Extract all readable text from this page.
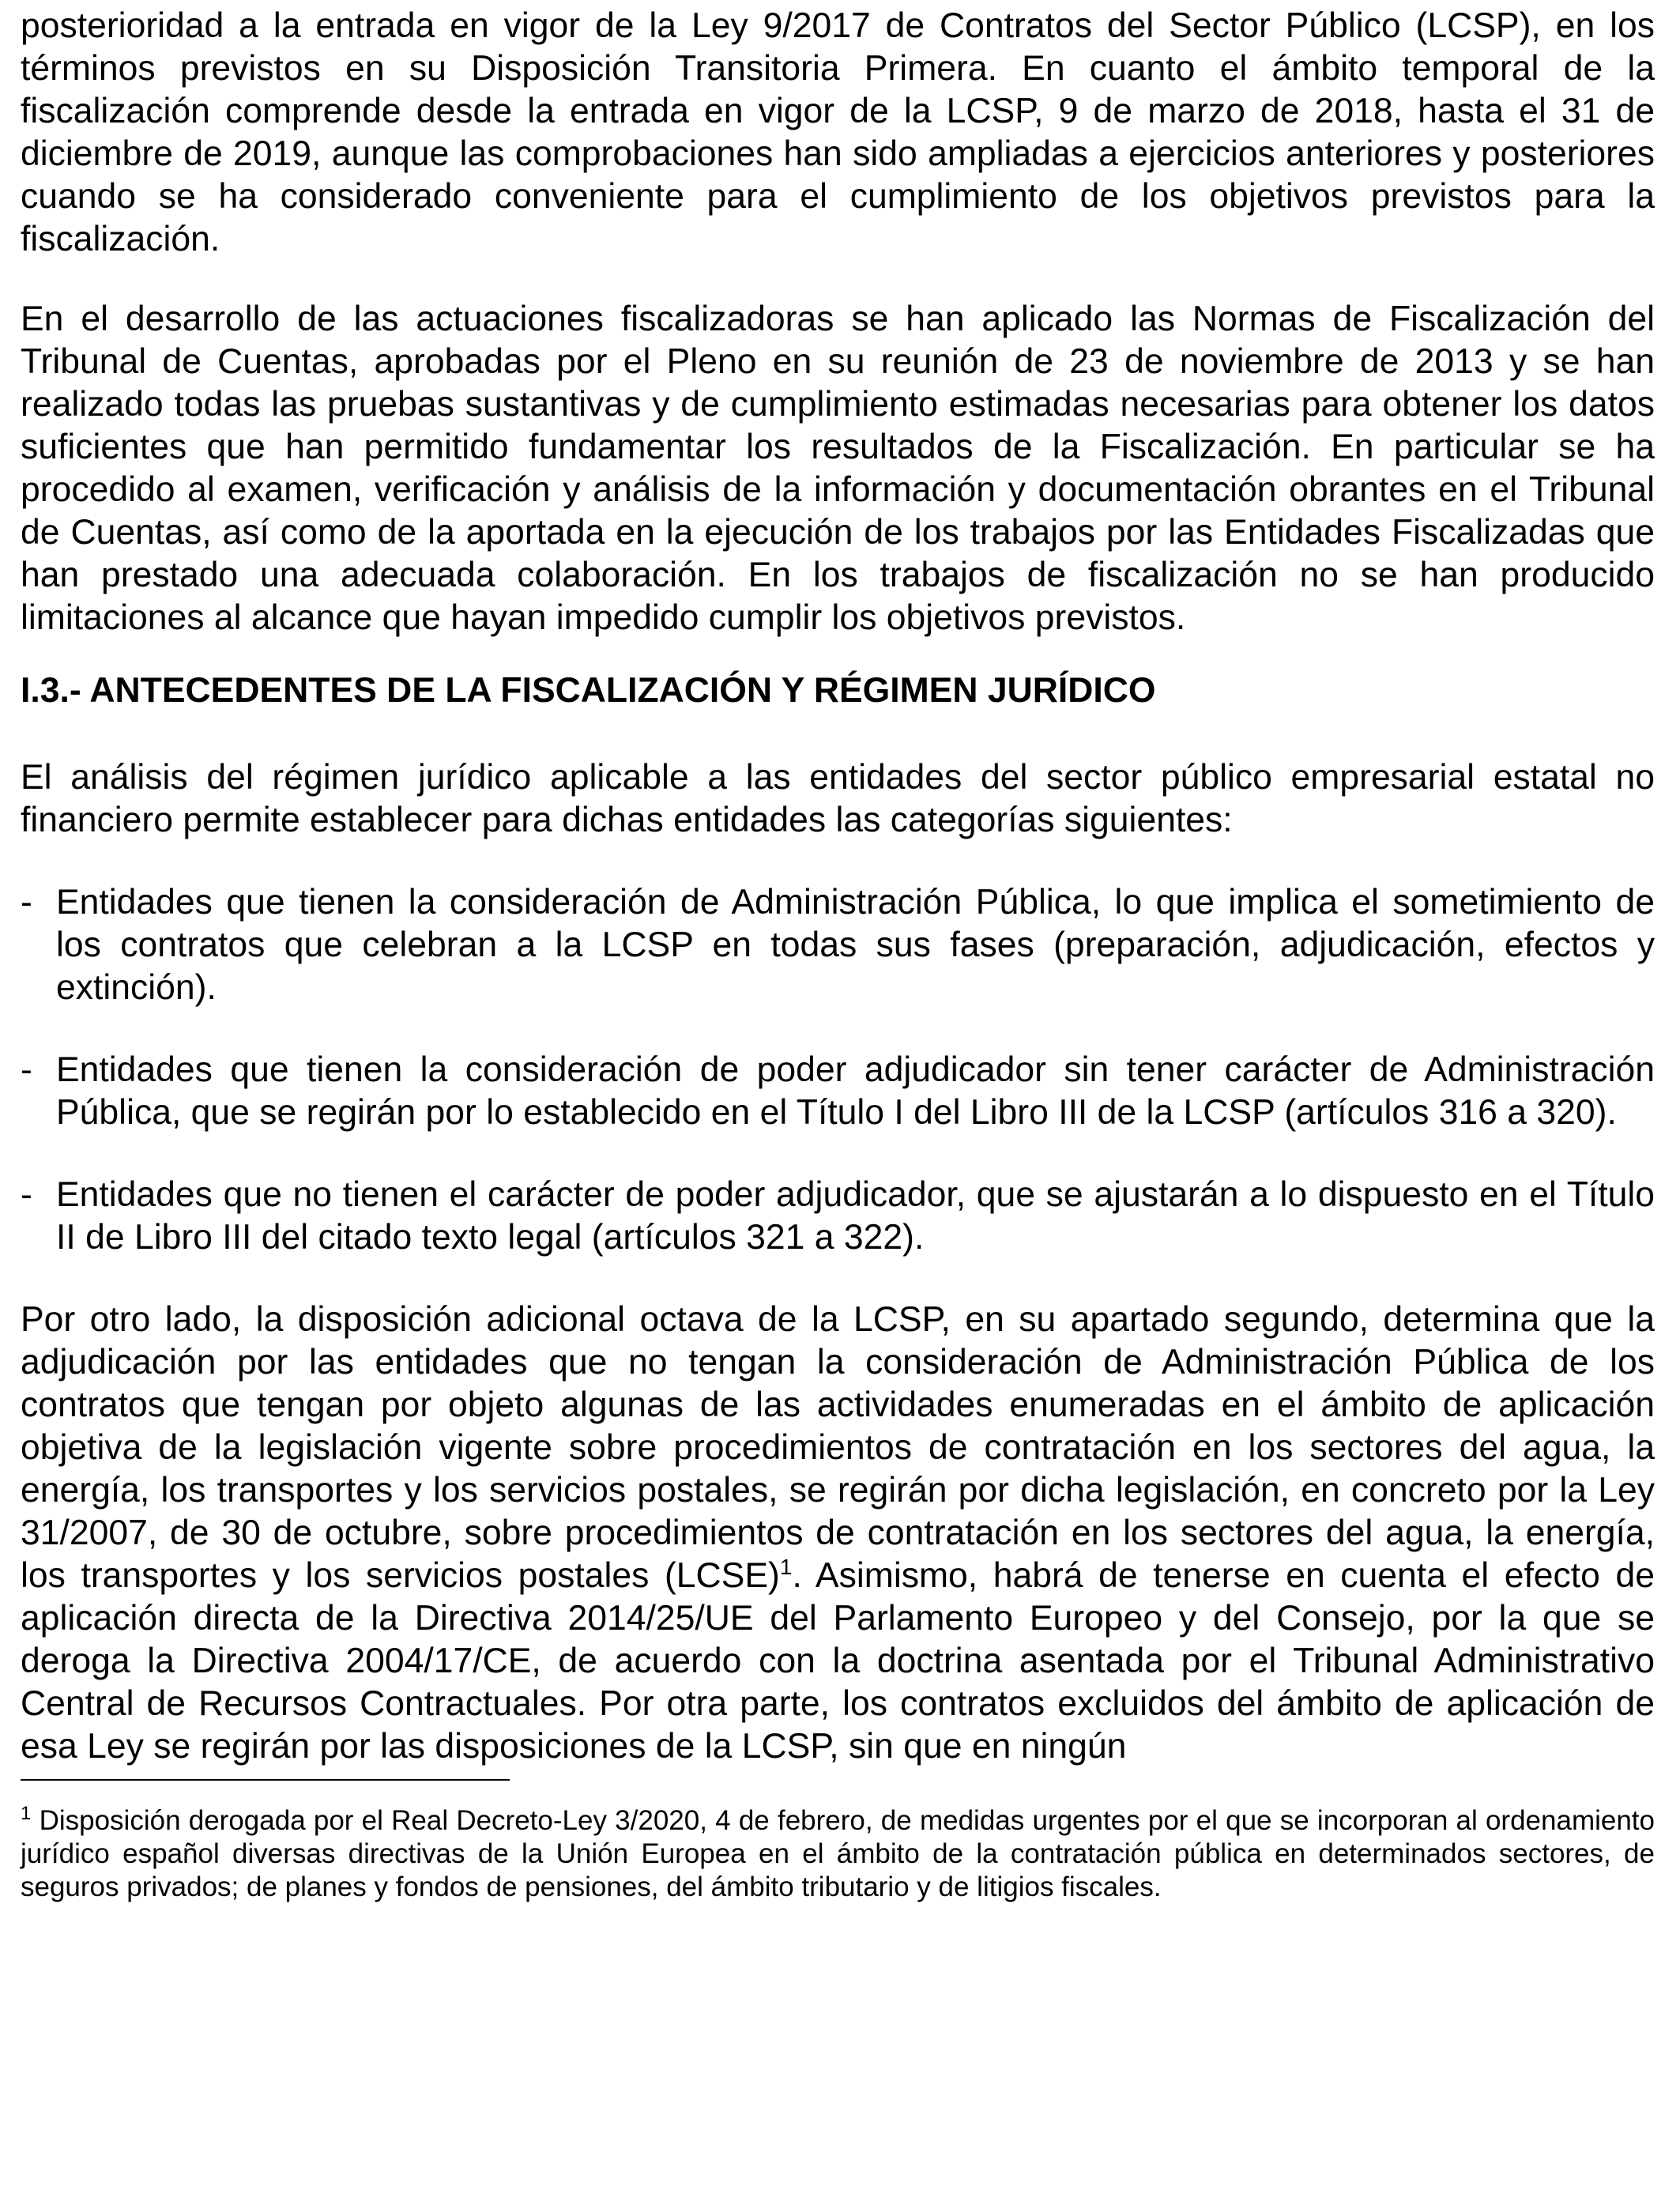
posterioridad a la entrada en vigor de la Ley 9/2017 de Contratos del Sector Público (LCSP), en los términos previstos en su Disposición Transitoria Primera. En cuanto el ámbito temporal de la fiscalización comprende desde la entrada en vigor de la LCSP, 9 de marzo de 2018, hasta el 31 de diciembre de 2019, aunque las comprobaciones han sido ampliadas a ejercicios anteriores y posteriores cuando se ha considerado conveniente para el cumplimiento de los objetivos previstos para la fiscalización.

En el desarrollo de las actuaciones fiscalizadoras se han aplicado las Normas de Fiscalización del Tribunal de Cuentas, aprobadas por el Pleno en su reunión de 23 de noviembre de 2013 y se han realizado todas las pruebas sustantivas y de cumplimiento estimadas necesarias para obtener los datos suficientes que han permitido fundamentar los resultados de la Fiscalización. En particular se ha procedido al examen, verificación y análisis de la información y documentación obrantes en el Tribunal de Cuentas, así como de la aportada en la ejecución de los trabajos por las Entidades Fiscalizadas que han prestado una adecuada colaboración. En los trabajos de fiscalización no se han producido limitaciones al alcance que hayan impedido cumplir los objetivos previstos.

I.3.- ANTECEDENTES DE LA FISCALIZACIÓN Y RÉGIMEN JURÍDICO

El análisis del régimen jurídico aplicable a las entidades del sector público empresarial estatal no financiero permite establecer para dichas entidades las categorías siguientes:

- Entidades que tienen la consideración de Administración Pública, lo que implica el sometimiento de los contratos que celebran a la LCSP en todas sus fases (preparación, adjudicación, efectos y extinción).

- Entidades que tienen la consideración de poder adjudicador sin tener carácter de Administración Pública, que se regirán por lo establecido en el Título I del Libro III de la LCSP (artículos 316 a 320).

- Entidades que no tienen el carácter de poder adjudicador, que se ajustarán a lo dispuesto en el Título II de Libro III del citado texto legal (artículos 321 a 322).

Por otro lado, la disposición adicional octava de la LCSP, en su apartado segundo, determina que la adjudicación por las entidades que no tengan la consideración de Administración Pública de los contratos que tengan por objeto algunas de las actividades enumeradas en el ámbito de aplicación objetiva de la legislación vigente sobre procedimientos de contratación en los sectores del agua, la energía, los transportes y los servicios postales, se regirán por dicha legislación, en concreto por la Ley 31/2007, de 30 de octubre, sobre procedimientos de contratación en los sectores del agua, la energía, los transportes y los servicios postales (LCSE)$^1$. Asimismo, habrá de tenerse en cuenta el efecto de aplicación directa de la Directiva 2014/25/UE del Parlamento Europeo y del Consejo, por la que se deroga la Directiva 2004/17/CE, de acuerdo con la doctrina asentada por el Tribunal Administrativo Central de Recursos Contractuales. Por otra parte, los contratos excluidos del ámbito de aplicación de esa Ley se regirán por las disposiciones de la LCSP, sin que en ningún

$^1$ Disposición derogada por el Real Decreto-Ley 3/2020, 4 de febrero, de medidas urgentes por el que se incorporan al ordenamiento jurídico español diversas directivas de la Unión Europea en el ámbito de la contratación pública en determinados sectores, de seguros privados; de planes y fondos de pensiones, del ámbito tributario y de litigios fiscales.
